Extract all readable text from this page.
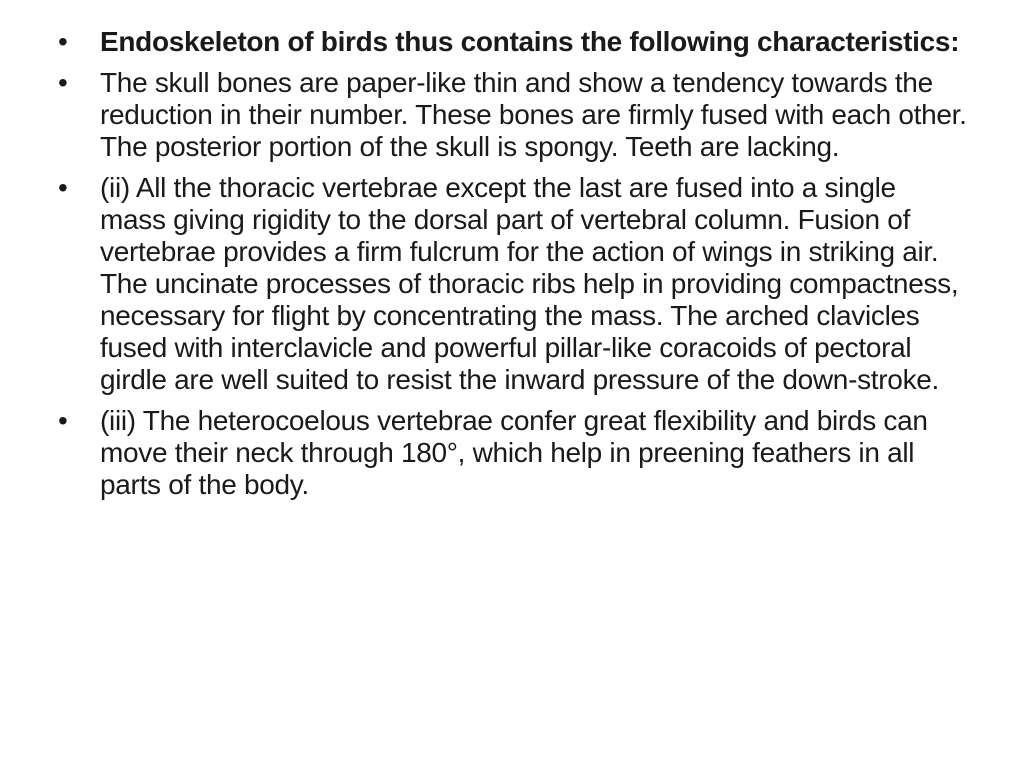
•	Endoskeleton of birds thus contains the following characteristics:
•	The skull bones are paper-like thin and show a tendency towards the reduction in their number. These bones are firmly fused with each other. The posterior portion of the skull is spongy. Teeth are lacking.
•	(ii) All the thoracic vertebrae except the last are fused into a single mass giving rigidity to the dorsal part of vertebral column. Fusion of vertebrae provides a firm fulcrum for the action of wings in striking air. The uncinate processes of thoracic ribs help in providing compactness, necessary for flight by concentrating the mass. The arched clavicles fused with interclavicle and powerful pillar-like coracoids of pectoral girdle are well suited to resist the inward pressure of the down-stroke.
•	(iii) The heterocoelous vertebrae confer great flexibility and birds can move their neck through 180°, which help in preening feathers in all parts of the body.
